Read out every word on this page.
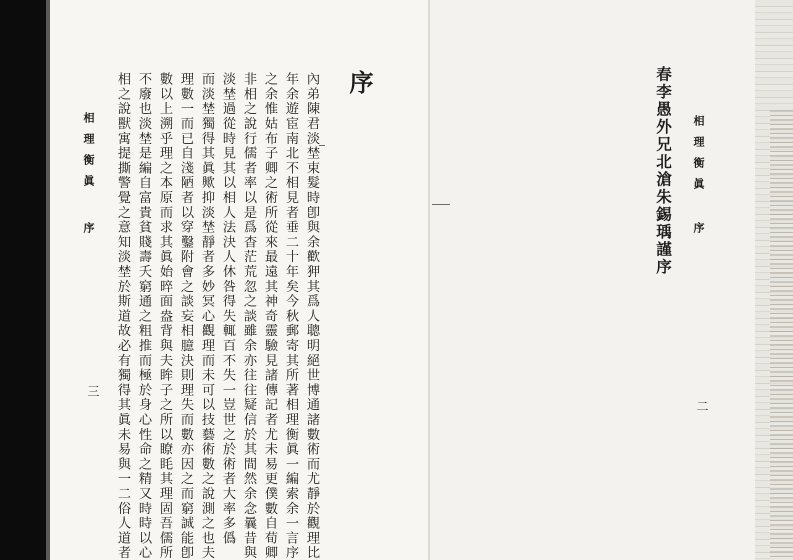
序
內弟陳君淡埜束髮時卽與余歡狎其爲人聰明絕世博通諸數術而尤靜於觀理比
年余遊宦南北不相見者垂二十年矣今秋郵寄其所著相理衡眞一編索余一言序
之余惟姑布子卿之術所從來最遠其神奇靈驗見諸傳記者尤未易更僕數自荀卿
非相之說行儒者率以是爲杳茫荒忽之談雖余亦往往疑信於其間然余念曩昔與
淡埜過從時見其以相人法決人休咎得失輒百不失一豈世之於術者大率多僞
而淡埜獨得其眞歟抑淡埜靜者多妙冥心觀理而未可以技藝術數之說測之也夫
理數一而已自淺陋者以穿鑿附會之談妄相臆決則理失而數亦因之而窮誠能卽
數以上溯乎理之本原而求其眞始晬面盎背與夫眸子之所以瞭眊其理固吾儒所
不廢也淡埜是編自富貴貧賤壽夭窮通之粗推而極於身心性命之精又時時以心
相之說獸寓提撕警覺之意知淡埜於斯道故必有獨得其眞未易與一二俗人道者
相理衡眞
序
三
春李愚外兄北滄朱錫瑀謹序 相理衡眞
序
二
